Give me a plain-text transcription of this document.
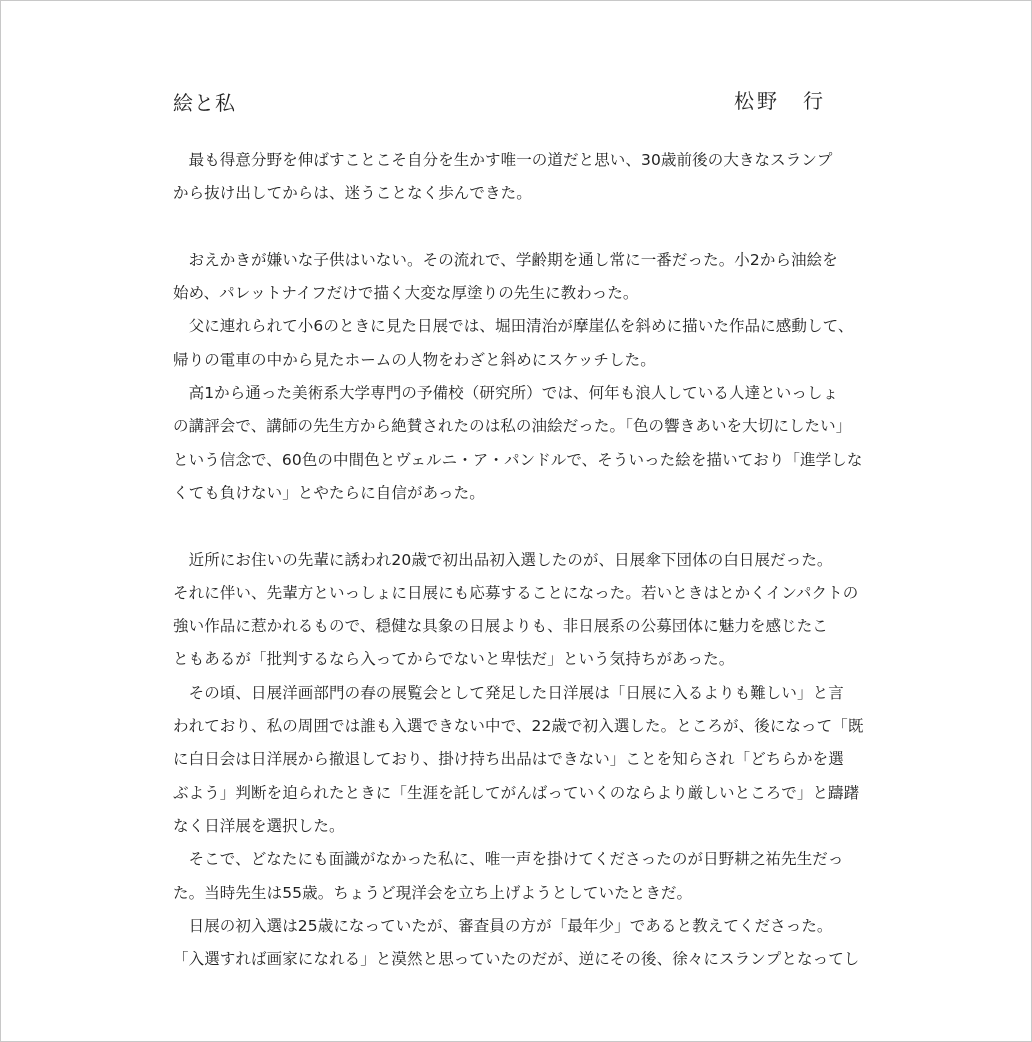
絵と私	松野　行
　最も得意分野を伸ばすことこそ自分を生かす唯一の道だと思い、30歳前後の大きなスランプ
から抜け出してからは、迷うことなく歩んできた。
　おえかきが嫌いな子供はいない。その流れで、学齢期を通し常に一番だった。小2から油絵を
始め、パレットナイフだけで描く大変な厚塗りの先生に教わった。
　父に連れられて小6のときに見た日展では、堀田清治が摩崖仏を斜めに描いた作品に感動して、
帰りの電車の中から見たホームの人物をわざと斜めにスケッチした。
　高1から通った美術系大学専門の予備校（研究所）では、何年も浪人している人達といっしょ
の講評会で、講師の先生方から絶賛されたのは私の油絵だった。「色の響きあいを大切にしたい」
という信念で、60色の中間色とヴェルニ・ア・パンドルで、そういった絵を描いており「進学しな
くても負けない」とやたらに自信があった。
　近所にお住いの先輩に誘われ20歳で初出品初入選したのが、日展傘下団体の白日展だった。
それに伴い、先輩方といっしょに日展にも応募することになった。若いときはとかくインパクトの
強い作品に惹かれるもので、穏健な具象の日展よりも、非日展系の公募団体に魅力を感じたこ
ともあるが「批判するなら入ってからでないと卑怯だ」という気持ちがあった。
　その頃、日展洋画部門の春の展覧会として発足した日洋展は「日展に入るよりも難しい」と言
われており、私の周囲では誰も入選できない中で、22歳で初入選した。ところが、後になって「既
に白日会は日洋展から撤退しており、掛け持ち出品はできない」ことを知らされ「どちらかを選
ぶよう」判断を迫られたときに「生涯を託してがんばっていくのならより厳しいところで」と躊躇
なく日洋展を選択した。
　そこで、どなたにも面識がなかった私に、唯一声を掛けてくださったのが日野耕之祐先生だっ
た。当時先生は55歳。ちょうど現洋会を立ち上げようとしていたときだ。
　日展の初入選は25歳になっていたが、審査員の方が「最年少」であると教えてくださった。
「入選すれば画家になれる」と漠然と思っていたのだが、逆にその後、徐々にスランプとなってし
